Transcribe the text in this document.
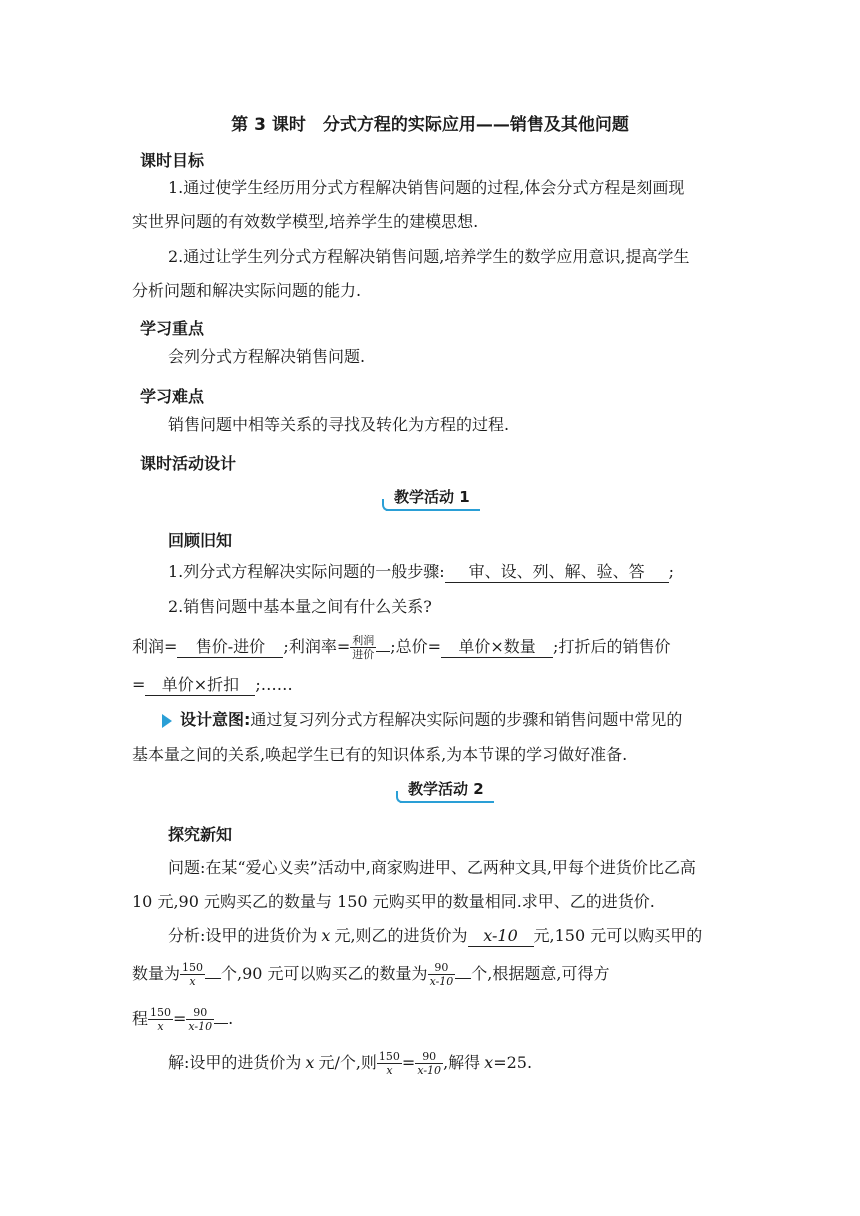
第 3 课时　分式方程的实际应用——销售及其他问题
课时目标
1.通过使学生经历用分式方程解决销售问题的过程,体会分式方程是刻画现
实世界问题的有效数学模型,培养学生的建模思想.
2.通过让学生列分式方程解决销售问题,培养学生的数学应用意识,提高学生
分析问题和解决实际问题的能力.
学习重点
会列分式方程解决销售问题.
学习难点
销售问题中相等关系的寻找及转化为方程的过程.
课时活动设计
教学活动 1
回顾旧知
1.列分式方程解决实际问题的一般步骤: 审、设、列、解、验、答 ;
2.销售问题中基本量之间有什么关系?
利润= 售价-进价 ;利润率= $\frac{\text{利润}}{\text{进价}}$ ;总价= 单价×数量 ;打折后的销售价
= 单价×折扣 ;……
设计意图:通过复习列分式方程解决实际问题的步骤和销售问题中常见的
基本量之间的关系,唤起学生已有的知识体系,为本节课的学习做好准备.
教学活动 2
探究新知
问题:在某“爱心义卖”活动中,商家购进甲、乙两种文具,甲每个进货价比乙高
10 元,90 元购买乙的数量与 150 元购买甲的数量相同.求甲、乙的进货价.
分析:设甲的进货价为 x 元,则乙的进货价为 x-10 元,150 元可以购买甲的
数量为 $\frac{150}{x}$ 个,90 元可以购买乙的数量为 $\frac{90}{x-10}$ 个,根据题意,可得方
程 $\frac{150}{x} = \frac{90}{x-10}$ .
解:设甲的进货价为 x 元/个,则 $\frac{150}{x} = \frac{90}{x-10}$ ,解得 x=25.
